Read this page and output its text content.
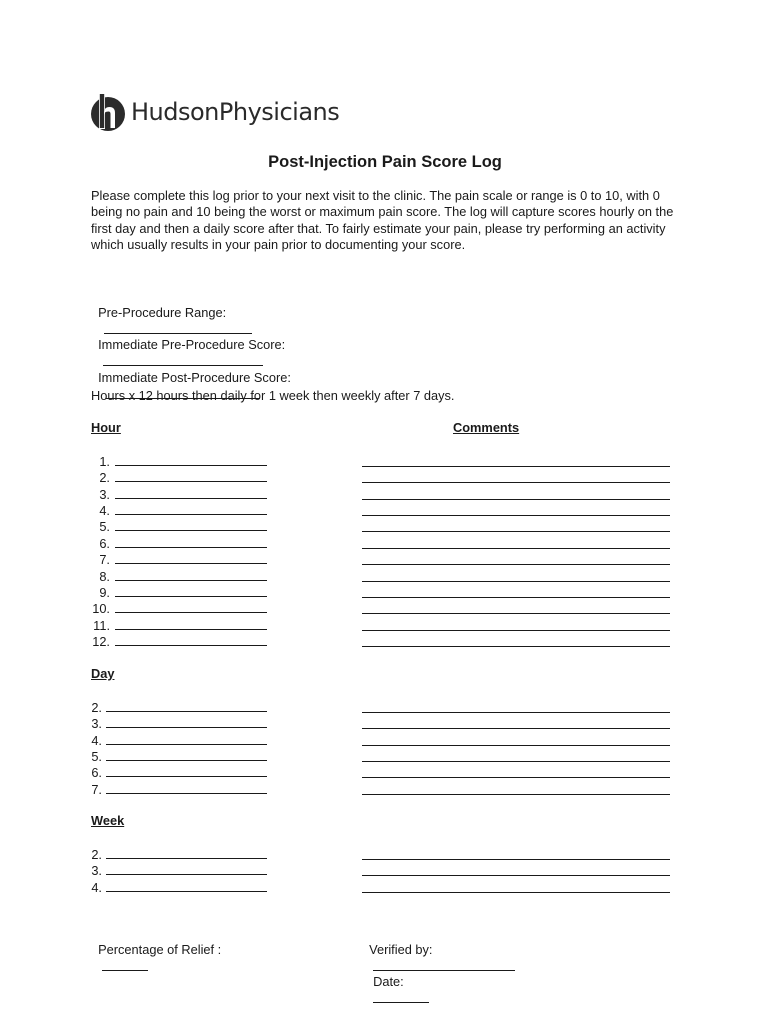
HudsonPhysicians
Post-Injection Pain Score Log

Please complete this log prior to your next visit to the clinic. The pain scale or range is 0 to 10, with 0 being no pain and 10 being the worst or maximum pain score. The log will capture scores hourly on the first day and then a daily score after that. To fairly estimate your pain, please try performing an activity which usually results in your pain prior to documenting your score.

Pre-Procedure Range:

Immediate Pre-Procedure Score:

Immediate Post-Procedure Score:

Hours x 12 hours then daily for 1 week then weekly after 7 days.
Hour	Comments
1.
2.
3.
4.
5.
6.
7.
8.
9.
10.
11.
12.
Day
2.
3.
4.
5.
6.
7.
Week
2.
3.
4.

Percentage of Relief :
	Verified by:

Date:
